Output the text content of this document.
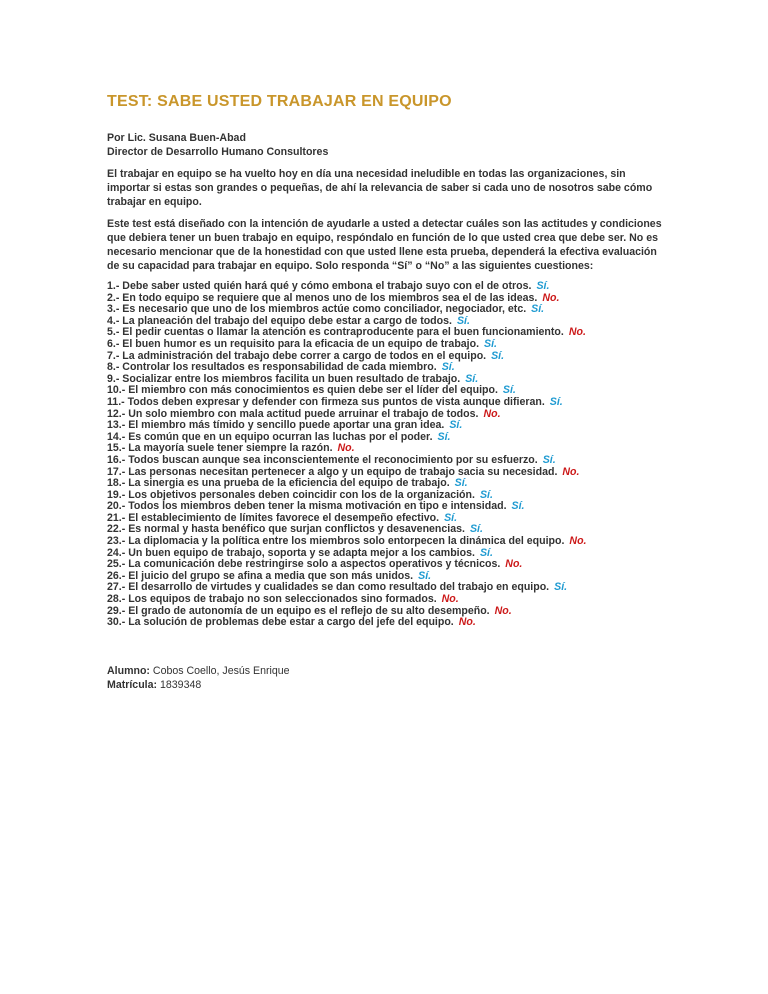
TEST: SABE USTED TRABAJAR EN EQUIPO
Por Lic. Susana Buen-Abad
Director de Desarrollo Humano Consultores

El trabajar en equipo se ha vuelto hoy en día una necesidad ineludible en todas las organizaciones, sin importar si estas son grandes o pequeñas, de ahí la relevancia de saber si cada uno de nosotros sabe cómo trabajar en equipo.

Este test está diseñado con la intención de ayudarle a usted a detectar cuáles son las actitudes y condiciones que debiera tener un buen trabajo en equipo, respóndalo en función de lo que usted crea que debe ser. No es necesario mencionar que de la honestidad con que usted llene esta prueba, dependerá la efectiva evaluación de su capacidad para trabajar en equipo. Solo responda “Sí” o “No” a las siguientes cuestiones:

1.- Debe saber usted quién hará qué y cómo embona el trabajo suyo con el de otros. Sí.
2.- En todo equipo se requiere que al menos uno de los miembros sea el de las ideas. No.
3.- Es necesario que uno de los miembros actúe como conciliador, negociador, etc. Sí.
4.- La planeación del trabajo del equipo debe estar a cargo de todos. Sí.
5.- El pedir cuentas o llamar la atención es contraproducente para el buen funcionamiento. No.
6.- El buen humor es un requisito para la eficacia de un equipo de trabajo. Sí.
7.- La administración del trabajo debe correr a cargo de todos en el equipo. Sí.
8.- Controlar los resultados es responsabilidad de cada miembro. Sí.
9.- Socializar entre los miembros facilita un buen resultado de trabajo. Sí.
10.- El miembro con más conocimientos es quien debe ser el líder del equipo. Sí.
11.- Todos deben expresar y defender con firmeza sus puntos de vista aunque difieran. Sí.
12.- Un solo miembro con mala actitud puede arruinar el trabajo de todos. No.
13.- El miembro más tímido y sencillo puede aportar una gran idea. Sí.
14.- Es común que en un equipo ocurran las luchas por el poder. Sí.
15.- La mayoría suele tener siempre la razón. No.
16.- Todos buscan aunque sea inconscientemente el reconocimiento por su esfuerzo. Sí.
17.- Las personas necesitan pertenecer a algo y un equipo de trabajo sacia su necesidad. No.
18.- La sinergia es una prueba de la eficiencia del equipo de trabajo. Sí.
19.- Los objetivos personales deben coincidir con los de la organización. Sí.
20.- Todos los miembros deben tener la misma motivación en tipo e intensidad. Sí.
21.- El establecimiento de límites favorece el desempeño efectivo. Sí.
22.- Es normal y hasta benéfico que surjan conflictos y desavenencias. Sí.
23.- La diplomacia y la política entre los miembros solo entorpecen la dinámica del equipo. No.
24.- Un buen equipo de trabajo, soporta y se adapta mejor a los cambios. Sí.
25.- La comunicación debe restringirse solo a aspectos operativos y técnicos. No.
26.- El juicio del grupo se afina a media que son más unidos. Sí.
27.- El desarrollo de virtudes y cualidades se dan como resultado del trabajo en equipo. Sí.
28.- Los equipos de trabajo no son seleccionados sino formados. No.
29.- El grado de autonomía de un equipo es el reflejo de su alto desempeño. No.
30.- La solución de problemas debe estar a cargo del jefe del equipo. No.
Alumno: Cobos Coello, Jesús Enrique
Matrícula: 1839348
